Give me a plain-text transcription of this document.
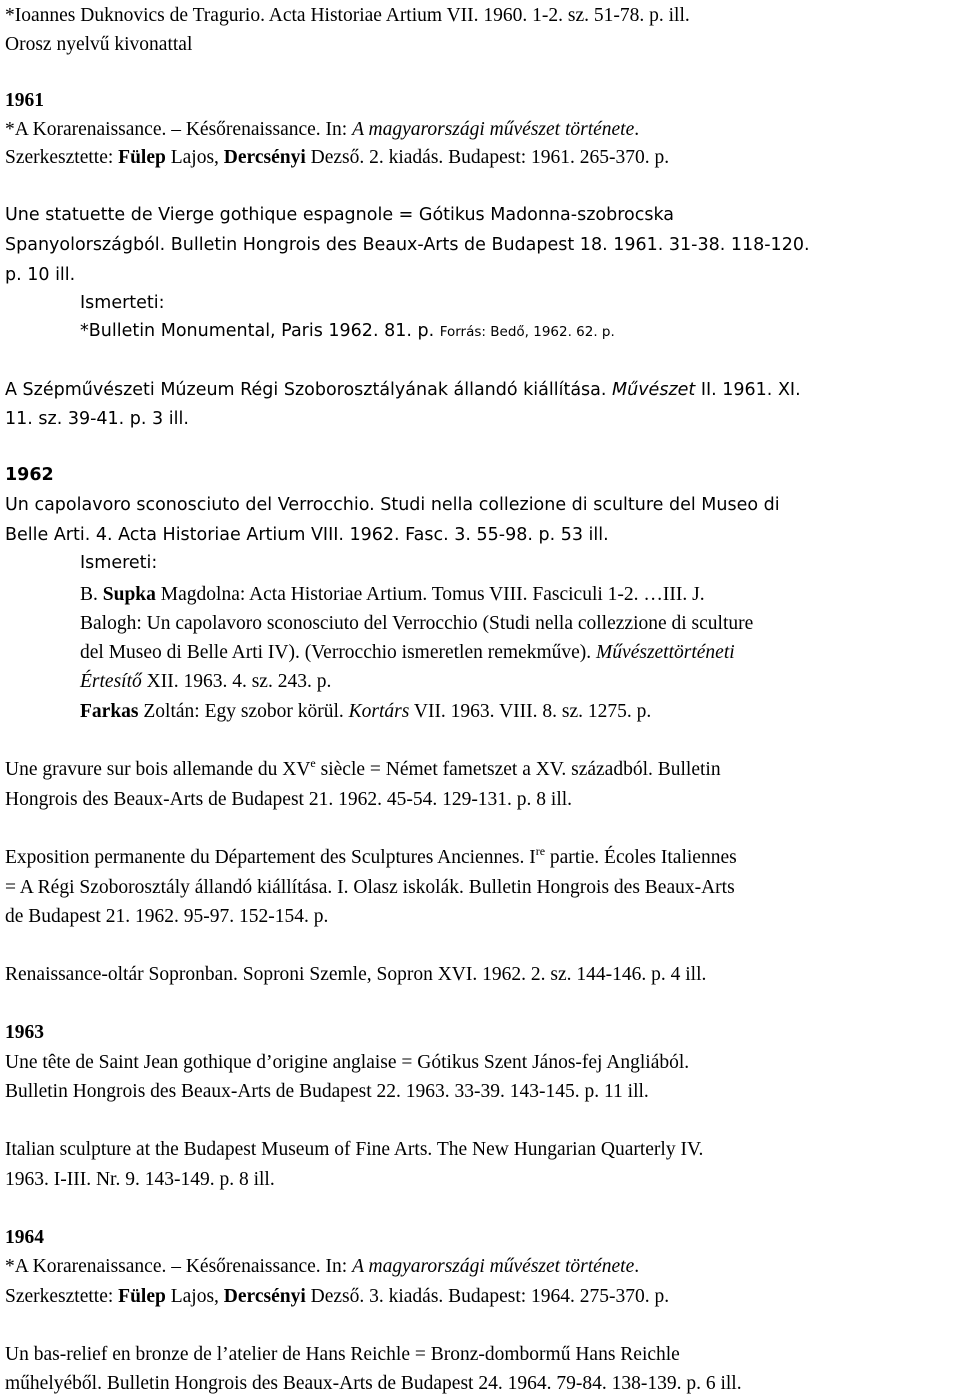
*Ioannes Duknovics de Tragurio. Acta Historiae Artium VII. 1960. 1-2. sz. 51-78. p. ill.
Orosz nyelvű kivonattal
1961
*A Korarenaissance. – Későrenaissance. In: A magyarországi művészet története.
Szerkesztette: Fülep Lajos, Dercsényi Dezső. 2. kiadás. Budapest: 1961. 265-370. p.
Une statuette de Vierge gothique espagnole = Gótikus Madonna-szobrocska
Spanyolországból. Bulletin Hongrois des Beaux-Arts de Budapest 18. 1961. 31-38. 118-120.
p. 10 ill.
Ismerteti:
*Bulletin Monumental, Paris 1962. 81. p. Forrás: Bedő, 1962. 62. p.
A Szépművészeti Múzeum Régi Szoborosztályának állandó kiállítása. Művészet II. 1961. XI.
11. sz. 39-41. p. 3 ill.
1962
Un capolavoro sconosciuto del Verrocchio. Studi nella collezione di sculture del Museo di
Belle Arti. 4. Acta Historiae Artium VIII. 1962. Fasc. 3. 55-98. p. 53 ill.
Ismereti:
B. Supka Magdolna: Acta Historiae Artium. Tomus VIII. Fasciculi 1-2. …III. J.
Balogh: Un capolavoro sconosciuto del Verrocchio (Studi nella collezzione di sculture
del Museo di Belle Arti IV). (Verrocchio ismeretlen remekműve). Művészettörténeti
Értesítő XII. 1963. 4. sz. 243. p.
Farkas Zoltán: Egy szobor körül. Kortárs VII. 1963. VIII. 8. sz. 1275. p.
Une gravure sur bois allemande du XVe siècle = Német fametszet a XV. századból. Bulletin
Hongrois des Beaux-Arts de Budapest 21. 1962. 45-54. 129-131. p. 8 ill.
Exposition permanente du Département des Sculptures Anciennes. Ire partie. Écoles Italiennes
= A Régi Szoborosztály állandó kiállítása. I. Olasz iskolák. Bulletin Hongrois des Beaux-Arts
de Budapest 21. 1962. 95-97. 152-154. p.
Renaissance-oltár Sopronban. Soproni Szemle, Sopron XVI. 1962. 2. sz. 144-146. p. 4 ill.
1963
Une tête de Saint Jean gothique d’origine anglaise = Gótikus Szent János-fej Angliából.
Bulletin Hongrois des Beaux-Arts de Budapest 22. 1963. 33-39. 143-145. p. 11 ill.
Italian sculpture at the Budapest Museum of Fine Arts. The New Hungarian Quarterly IV.
1963. I-III. Nr. 9. 143-149. p. 8 ill.
1964
*A Korarenaissance. – Későrenaissance. In: A magyarországi művészet története.
Szerkesztette: Fülep Lajos, Dercsényi Dezső. 3. kiadás. Budapest: 1964. 275-370. p.
Un bas-relief en bronze de l’atelier de Hans Reichle = Bronz-dombormű Hans Reichle
műhelyéből. Bulletin Hongrois des Beaux-Arts de Budapest 24. 1964. 79-84. 138-139. p. 6 ill.
